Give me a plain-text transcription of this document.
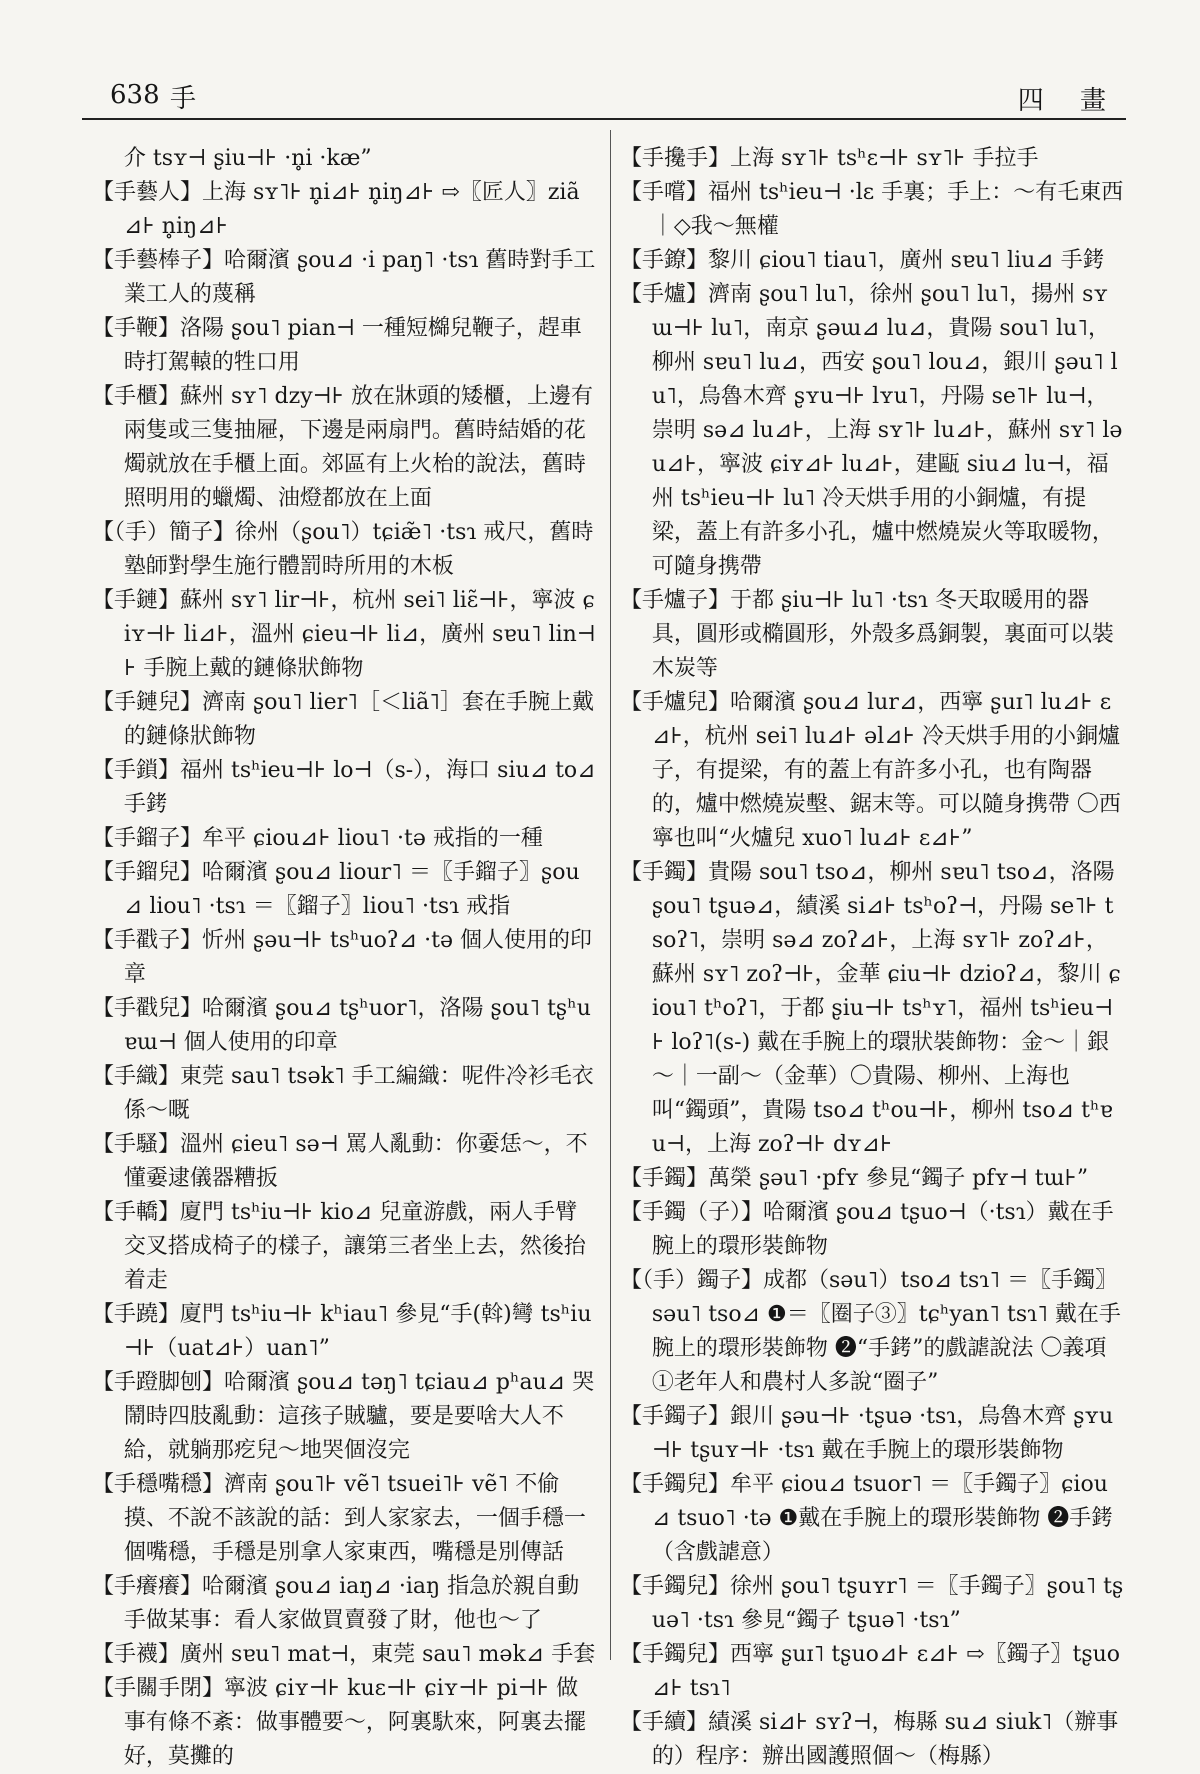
638 手	四 畫

介 tsʏ⊣ ʂiu⊣⊦ ·n̥i ·kæ”

【手藝人】上海 sʏ˥⊦ n̥i⊿⊦ n̥iŋ⊿⊦ ⇨〖匠人〗ziã⊿⊦ n̥iŋ⊿⊦

【手藝棒子】哈爾濱 ʂou⊿ ·i paŋ˥ ·tsɿ 舊時對手工業工人的蔑稱

【手鞭】洛陽 ʂou˥ pian⊣ 一種短檰兒鞭子，趕車時打駕轅的牲口用

【手櫃】蘇州 sʏ˥ dzy⊣⊦ 放在牀頭的矮櫃，上邊有兩隻或三隻抽屜，下邊是兩扇門。舊時結婚的花燭就放在手櫃上面。郊區有上火枱的說法，舊時照明用的蠟燭、油燈都放在上面

【（手）簡子】徐州（ʂou˥）tɕiæ̃˥ ·tsɿ 戒尺，舊時塾師對學生施行體罰時所用的木板

【手鏈】蘇州 sʏ˥ lir⊣⊦，杭州 sei˥ liɛ̃⊣⊦，寧波 ɕiʏ⊣⊦ li⊿⊦，溫州 ɕieu⊣⊦ li⊿，廣州 sɐu˥ lin⊣⊦ 手腕上戴的鏈條狀飾物

【手鏈兒】濟南 ʂou˥ lier˥［＜liã˥］套在手腕上戴的鏈條狀飾物

【手鎖】福州 tsʰieu⊣⊦ lo⊣（s-），海口 siu⊿ to⊿ 手銬

【手鎦子】牟平 ɕiou⊿⊦ liou˥ ·tə 戒指的一種

【手鎦兒】哈爾濱 ʂou⊿ liour˥ ＝〖手鎦子〗ʂou⊿ liou˥ ·tsɿ ＝〖鎦子〗liou˥ ·tsɿ 戒指

【手戳子】忻州 ʂəu⊣⊦ tsʰuoʔ⊿ ·tə 個人使用的印章

【手戳兒】哈爾濱 ʂou⊿ tʂʰuor˥，洛陽 ʂou˥ tʂʰuɐɯ⊣ 個人使用的印章

【手織】東莞 sau˥ tsək˥ 手工編織：呢件冷衫毛衣係～嘅

【手騷】溫州 ɕieu˥ sə⊣ 罵人亂動：你嫑恁～，不懂嫑逮儀器糟扳

【手轎】廈門 tsʰiu⊣⊦ kio⊿ 兒童游戲，兩人手臂交叉搭成椅子的樣子，讓第三者坐上去，然後抬着走

【手蹺】廈門 tsʰiu⊣⊦ kʰiau˥ 參見“手(斡)彎 tsʰiu⊣⊦（uat⊿⊦）uan˥”

【手蹬脚刨】哈爾濱 ʂou⊿ təŋ˥ tɕiau⊿ pʰau⊿ 哭鬧時四肢亂動：這孩子賊驢，要是要啥大人不給，就躺那疙兒～地哭個沒完

【手穩嘴穩】濟南 ʂou˥⊦ vẽ˥ tsuei˥⊦ vẽ˥ 不偷摸、不說不該說的話：到人家家去，一個手穩一個嘴穩，手穩是別拿人家東西，嘴穩是別傳話

【手癢癢】哈爾濱 ʂou⊿ iaŋ⊿ ·iaŋ 指急於親自動手做某事：看人家做買賣發了財，他也～了

【手襪】廣州 sɐu˥ mat⊣，東莞 sau˥ mək⊿ 手套

【手關手閉】寧波 ɕiʏ⊣⊦ kuɛ⊣⊦ ɕiʏ⊣⊦ pi⊣⊦ 做事有條不紊：做事體要～，阿裏馱來，阿裏去擺好，莫攤的

【手攙手】上海 sʏ˥⊦ tsʰɛ⊣⊦ sʏ˥⊦ 手拉手

【手嚐】福州 tsʰieu⊣ ·lɛ 手裏；手上：～有乇東西｜◇我～無權

【手鐐】黎川 ɕiou˥ tiau˥，廣州 sɐu˥ liu⊿ 手銬

【手爐】濟南 ʂou˥ lu˥，徐州 ʂou˥ lu˥，揚州 sʏɯ⊣⊦ lu˥，南京 ʂəɯ⊿ lu⊿，貴陽 sou˥ lu˥，柳州 sɐu˥ lu⊿，西安 ʂou˥ lou⊿，銀川 ʂəu˥ lu˥，烏魯木齊 ʂʏu⊣⊦ lʏu˥，丹陽 se˥⊦ lu⊣，崇明 sə⊿ lu⊿⊦，上海 sʏ˥⊦ lu⊿⊦，蘇州 sʏ˥ ləu⊿⊦，寧波 ɕiʏ⊿⊦ lu⊿⊦，建甌 siu⊿ lu⊣，福州 tsʰieu⊣⊦ lu˥ 冷天烘手用的小銅爐，有提梁，蓋上有許多小孔，爐中燃燒炭火等取暖物，可隨身携帶

【手爐子】于都 ʂiu⊣⊦ lu˥ ·tsɿ 冬天取暖用的器具，圓形或橢圓形，外殼多爲銅製，裏面可以裝木炭等

【手爐兒】哈爾濱 ʂou⊿ lur⊿，西寧 ʂuɪ˥ lu⊿⊦ ɛ⊿⊦，杭州 sei˥ lu⊿⊦ əl⊿⊦ 冷天烘手用的小銅爐子，有提梁，有的蓋上有許多小孔，也有陶器的，爐中燃燒炭墼、鋸末等。可以隨身携帶 〇西寧也叫“火爐兒 xuo˥ lu⊿⊦ ɛ⊿⊦”

【手鐲】貴陽 sou˥ tso⊿，柳州 sɐu˥ tso⊿，洛陽 ʂou˥ tʂuə⊿，績溪 si⊿⊦ tsʰoʔ⊣，丹陽 se˥⊦ tsoʔ˥，崇明 sə⊿ zoʔ⊿⊦，上海 sʏ˥⊦ zoʔ⊿⊦，蘇州 sʏ˥ zoʔ⊣⊦，金華 ɕiu⊣⊦ dzioʔ⊿，黎川 ɕiou˥ tʰoʔ˥，于都 ʂiu⊣⊦ tsʰʏ˥，福州 tsʰieu⊣⊦ loʔ˥(s-) 戴在手腕上的環狀裝飾物：金～｜銀～｜一副～（金華）〇貴陽、柳州、上海也叫“鐲頭”，貴陽 tso⊿ tʰou⊣⊦，柳州 tso⊿ tʰɐu⊣，上海 zoʔ⊣⊦ dʏ⊿⊦

【手鐲】萬榮 ʂəu˥ ·pfʏ 參見“鐲子 pfʏ⊣ tɯ⊦”

【手鐲（子）】哈爾濱 ʂou⊿ tʂuo⊣（·tsɿ）戴在手腕上的環形裝飾物

【（手）鐲子】成都（səu˥）tso⊿ tsɿ˥ ＝〖手鐲〗səu˥ tso⊿ ❶＝〖圈子③〗tɕʰyan˥ tsɿ˥ 戴在手腕上的環形裝飾物 ❷“手銬”的戲謔說法 〇義項①老年人和農村人多說“圈子”

【手鐲子】銀川 ʂəu⊣⊦ ·tʂuə ·tsɿ，烏魯木齊 ʂʏu⊣⊦ tʂuʏ⊣⊦ ·tsɿ 戴在手腕上的環形裝飾物

【手鐲兒】牟平 ɕiou⊿ tsuor˥ ＝〖手鐲子〗ɕiou⊿ tsuo˥ ·tə ❶戴在手腕上的環形裝飾物 ❷手銬（含戲謔意）

【手鐲兒】徐州 ʂou˥ tʂuʏr˥ ＝〖手鐲子〗ʂou˥ tʂuə˥ ·tsɿ 參見“鐲子 tʂuə˥ ·tsɿ”

【手鐲兒】西寧 ʂuɪ˥ tʂuo⊿⊦ ɛ⊿⊦ ⇨〖鐲子〗tʂuo⊿⊦ tsɿ˥

【手續】績溪 si⊿⊦ sʏʔ⊣，梅縣 su⊿ siuk˥（辦事的）程序：辦出國護照個～（梅縣）
